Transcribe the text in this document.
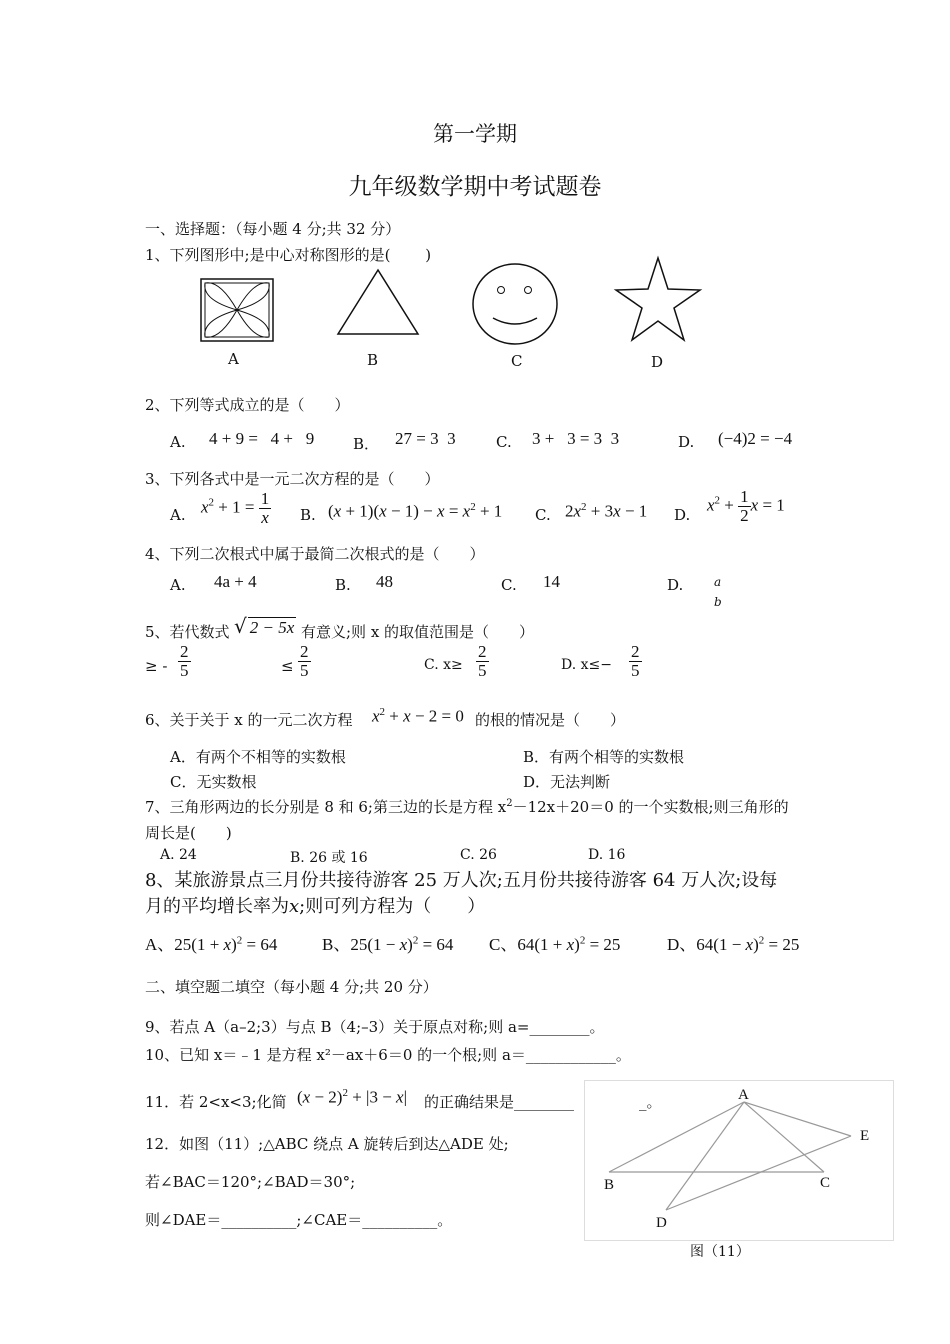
第一学期
九年级数学期中考试题卷
一、选择题：（每小题 4 分;共 32 分）
1、下列图形中;是中心对称图形的是(　　 )
A	B	C	D
2、下列等式成立的是（　　）
A. 4 + 9 =   4 +   9	B． 27 = 3  3	C. 3 +   3 = 3  3	D. (−4)2 = −4
3、下列各式中是一元二次方程的是（　　）
A. $x^2 + 1 = \frac{1}{x} B$. $(x + 1)(x - 1) - x = x^2 + 1$ C. $2x^2 + 3x - 1$ D.
$x^2 + \frac{1}{2}$ x = 1
4、下列二次根式中属于最简二次根式的是（　　）
A. 4a + 4	B. 48	C. 14	D.	a
b
5、若代数式 √ 2 − 5x 有意义;则 x 的取值范围是（　　）
≥ - $\frac{2}{5}$	≤ $\frac{2}{5}$	C. $x\ge \frac{2}{5}$	D. $x\le- \frac{2}{5}$
6、关于关于 x 的一元二次方程 $x^2 + x - 2 = 0$ 的根的情况是（　　）
A．有两个不相等的实数根	B．有两个相等的实数根
C．无实数根	D．无法判断
7、三角形两边的长分别是 8 和 6;第三边的长是方程 $x^2-12x+20=0$ 的一个实数根;则三角形的
周长是(　　)
A. 24	B. 26 或 16	C. 26	D. 16
8、某旅游景点三月份共接待游客 25 万人次;五月份共接待游客 64 万人次;设每
月的平均增长率为x;则可列方程为（　　）
A、$25(1 + x)^2 = 64$	B、$25(1 - x)^2 = 64$ C、$64(1 + x)^2 = 25$	D、$64(1 - x)^2 = 25$
二、填空题二填空（每小题 4 分;共 20 分）
9、若点 A（a–2;3）与点 B（4;–3）关于原点对称;则 a=________。
10、已知 x＝﹣1 是方程 x²－ax＋6＝0 的一个根;则 a＝____________。
11．若 2<x<3;化简 $(x - 2)^2 + |3 - x|$ 的正确结果是________	_。
12．如图（11）;△ABC 绕点 A 旋转后到达△ADE 处;
若∠BAC＝120°;∠BAD＝30°;
则∠DAE＝__________;∠CAE＝__________。
A
B	C
D
E
图（11）
